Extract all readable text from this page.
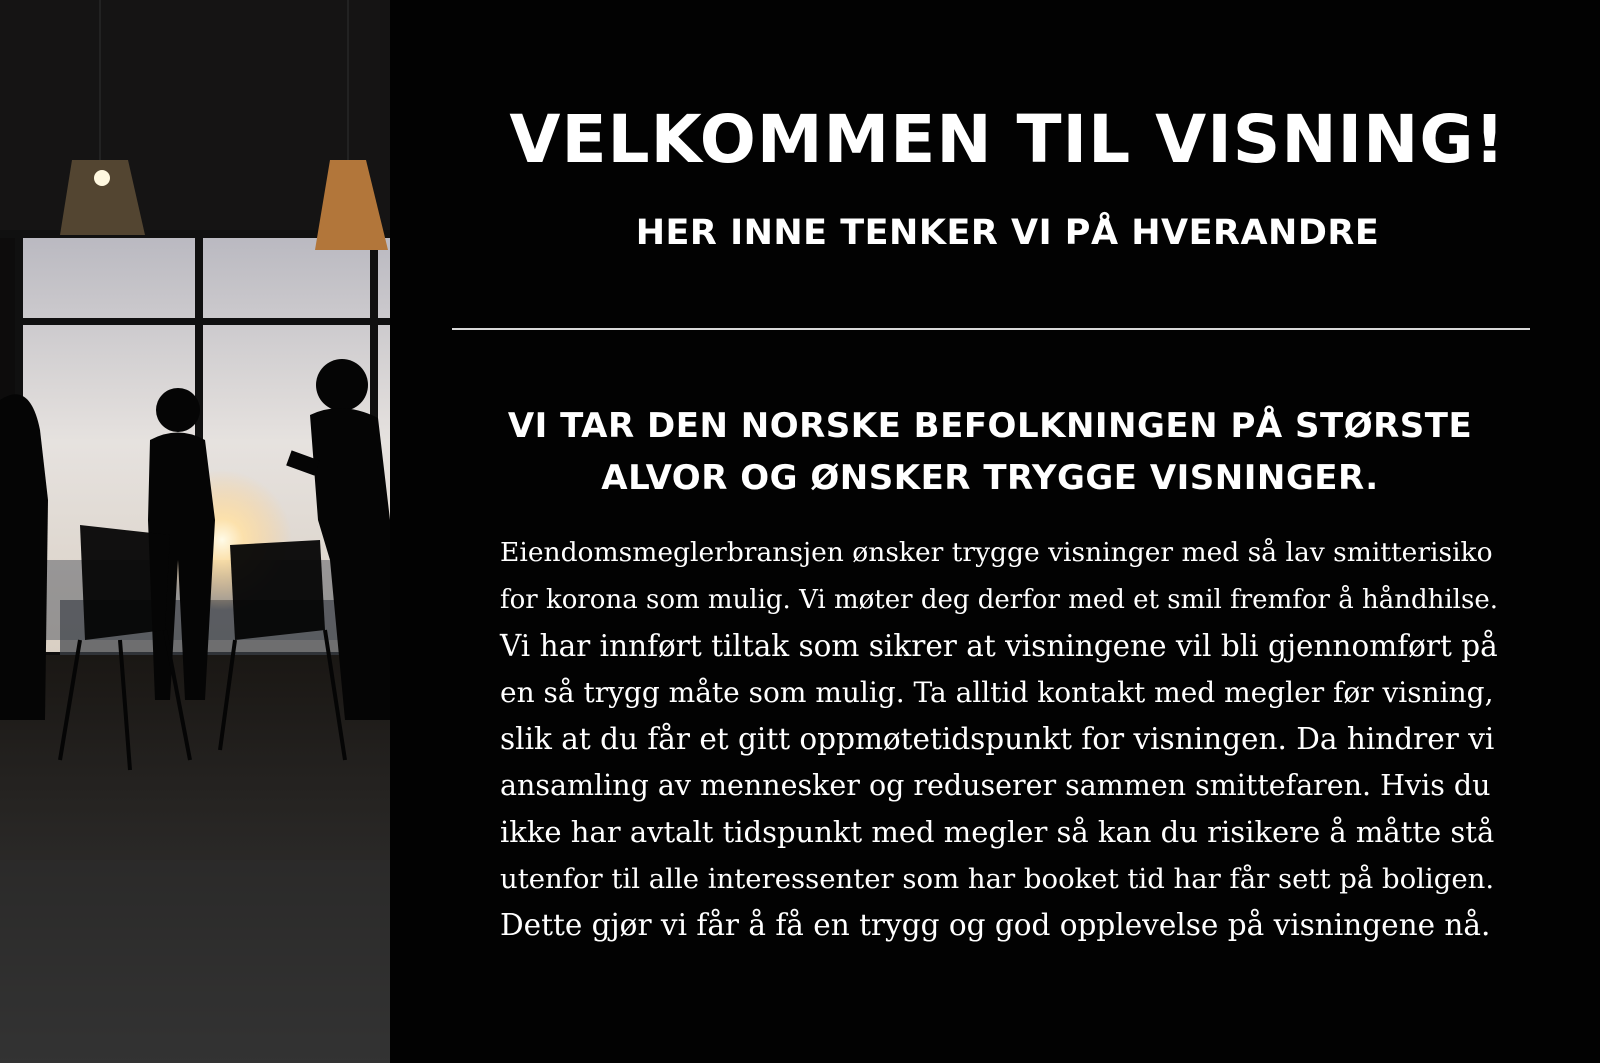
VELKOMMEN TIL VISNING!
HER INNE TENKER VI PÅ HVERANDRE
VI TAR DEN NORSKE BEFOLKNINGEN PÅ STØRSTE
ALVOR OG ØNSKER TRYGGE VISNINGER.
Eiendomsmeglerbransjen ønsker trygge visninger med så lav smitterisiko
for korona som mulig. Vi møter deg derfor med et smil fremfor å håndhilse.
Vi har innført tiltak som sikrer at visningene vil bli gjennomført på
en så trygg måte som mulig. Ta alltid kontakt med megler før visning,
slik at du får et gitt oppmøtetidspunkt for visningen. Da hindrer vi
ansamling av mennesker og reduserer sammen smittefaren. Hvis du
ikke har avtalt tidspunkt med megler så kan du risikere å måtte stå
utenfor til alle interessenter som har booket tid har får sett på boligen.
Dette gjør vi får å få en trygg og god opplevelse på visningene nå.
